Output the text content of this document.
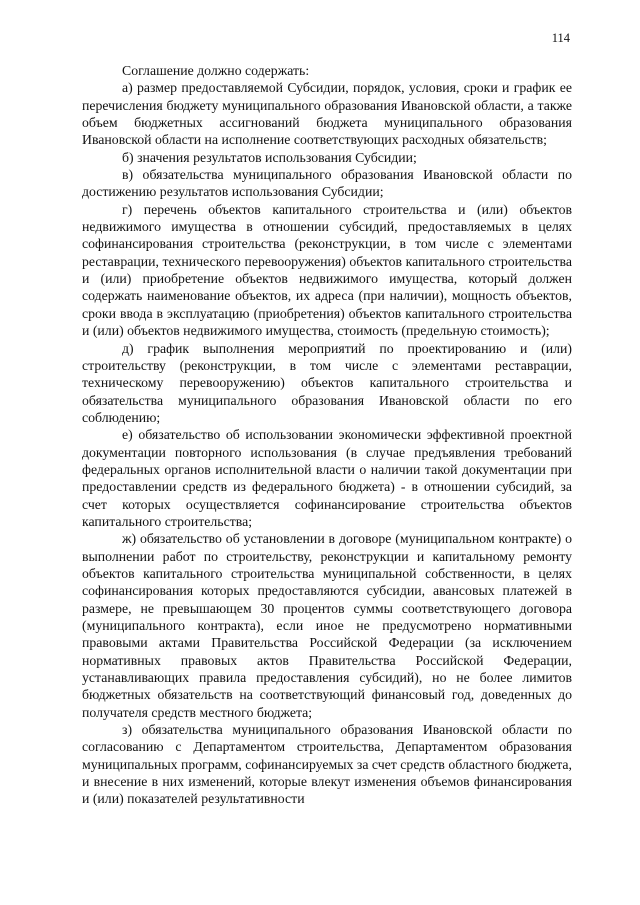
114

Соглашение должно содержать:

а) размер предоставляемой Субсидии, порядок, условия, сроки и график ее перечисления бюджету муниципального образования Ивановской области, а также объем бюджетных ассигнований бюджета муниципального образования Ивановской области на исполнение соответствующих расходных обязательств;

б) значения результатов использования Субсидии;

в) обязательства муниципального образования Ивановской области по достижению результатов использования Субсидии;

г) перечень объектов капитального строительства и (или) объектов недвижимого имущества в отношении субсидий, предоставляемых в целях софинансирования строительства (реконструкции, в том числе с элементами реставрации, технического перевооружения) объектов капитального строительства и (или) приобретение объектов недвижимого имущества, который должен содержать наименование объектов, их адреса (при наличии), мощность объектов, сроки ввода в эксплуатацию (приобретения) объектов капитального строительства и (или) объектов недвижимого имущества, стоимость (предельную стоимость);

д) график выполнения мероприятий по проектированию и (или) строительству (реконструкции, в том числе с элементами реставрации, техническому перевооружению) объектов капитального строительства и обязательства муниципального образования Ивановской области по его соблюдению;

е) обязательство об использовании экономически эффективной проектной документации повторного использования (в случае предъявления требований федеральных органов исполнительной власти о наличии такой документации при предоставлении средств из федерального бюджета) - в отношении субсидий, за счет которых осуществляется софинансирование строительства объектов капитального строительства;

ж) обязательство об установлении в договоре (муниципальном контракте) о выполнении работ по строительству, реконструкции и капитальному ремонту объектов капитального строительства муниципальной собственности, в целях софинансирования которых предоставляются субсидии, авансовых платежей в размере, не превышающем 30 процентов суммы соответствующего договора (муниципального контракта), если иное не предусмотрено нормативными правовыми актами Правительства Российской Федерации (за исключением нормативных правовых актов Правительства Российской Федерации, устанавливающих правила предоставления субсидий), но не более лимитов бюджетных обязательств на соответствующий финансовый год, доведенных до получателя средств местного бюджета;

з) обязательства муниципального образования Ивановской области по согласованию с Департаментом строительства, Департаментом образования муниципальных программ, софинансируемых за счет средств областного бюджета, и внесение в них изменений, которые влекут изменения объемов финансирования и (или) показателей результативности
